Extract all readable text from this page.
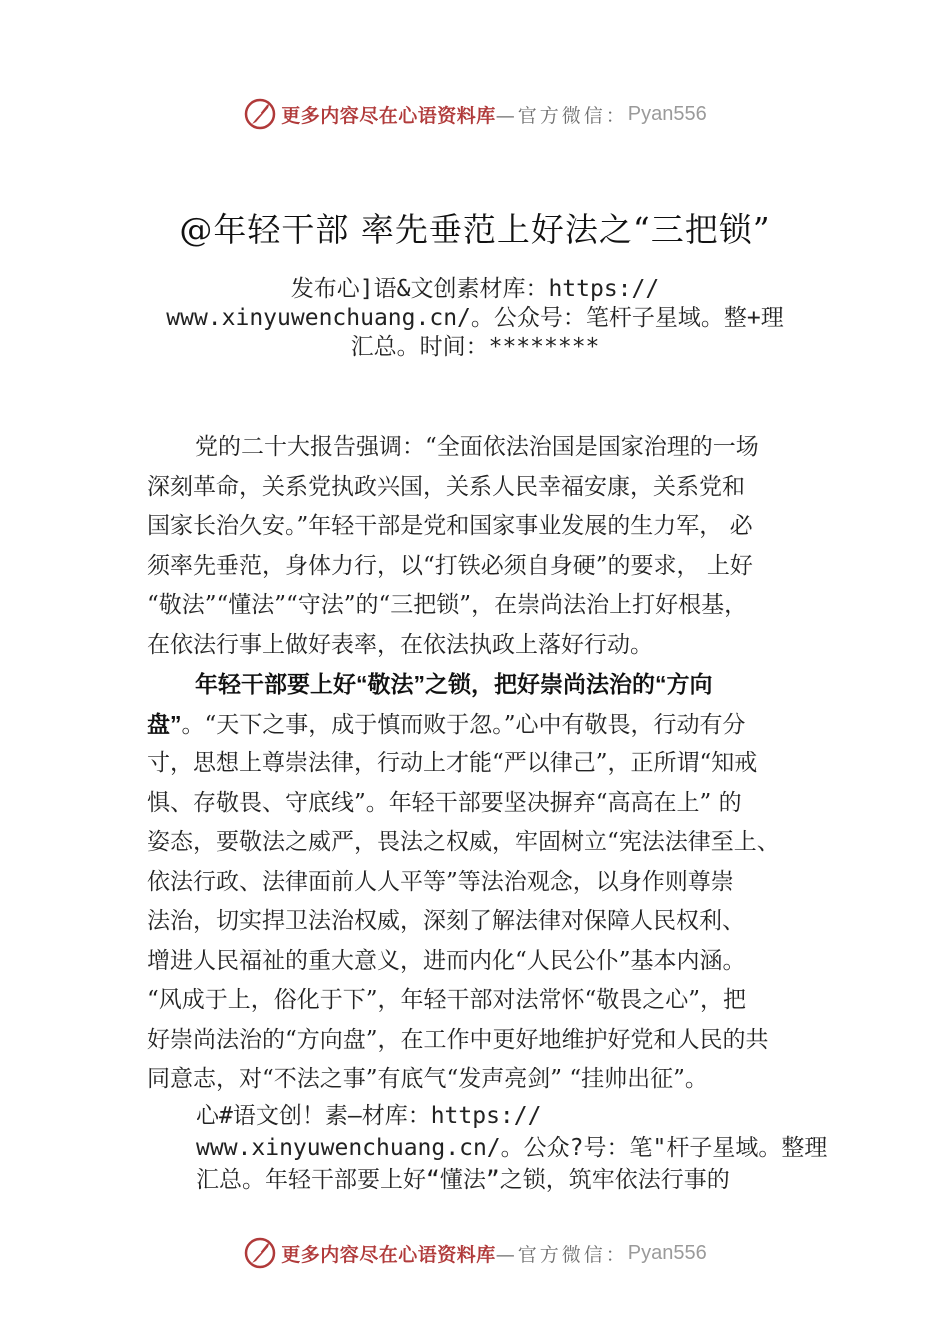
更多内容尽在心语资料库 —官方微信： Pyan556
@年轻干部 率先垂范上好法之“三把锁”
发布心]语&文创素材库：https://
www.xinyuwenchuang.cn/。公众号：笔杆子星域。整+理
汇总。时间：********
党的二十大报告强调：“全面依法治国是国家治理的一场
深刻革命，关系党执政兴国，关系人民幸福安康，关系党和
国家长治久安。”年轻干部是党和国家事业发展的生力军， 必
须率先垂范，身体力行，以“打铁必须自身硬”的要求， 上好
“敬法”“懂法”“守法”的“三把锁”，在崇尚法治上打好根基，
在依法行事上做好表率，在依法执政上落好行动。
年轻干部要上好“敬法”之锁，把好崇尚法治的“方向
盘”。“天下之事，成于慎而败于忽。”心中有敬畏，行动有分
寸，思想上尊崇法律，行动上才能“严以律己”，正所谓“知戒
惧、存敬畏、守底线”。年轻干部要坚决摒弃“高高在上” 的
姿态，要敬法之威严，畏法之权威，牢固树立“宪法法律至上、
依法行政、法律面前人人平等”等法治观念，以身作则尊崇
法治，切实捍卫法治权威，深刻了解法律对保障人民权利、
增进人民福祉的重大意义，进而内化“人民公仆”基本内涵。
“风成于上，俗化于下”，年轻干部对法常怀“敬畏之心”，把
好崇尚法治的“方向盘”，在工作中更好地维护好党和人民的共
同意志，对“不法之事”有底气“发声亮剑” “挂帅出征”。
心#语文创！素—材库：https://
www.xinyuwenchuang.cn/。公众?号：笔"杆子星域。整理
汇总。年轻干部要上好“懂法”之锁，筑牢依法行事的
更多内容尽在心语资料库 —官方微信： Pyan556
